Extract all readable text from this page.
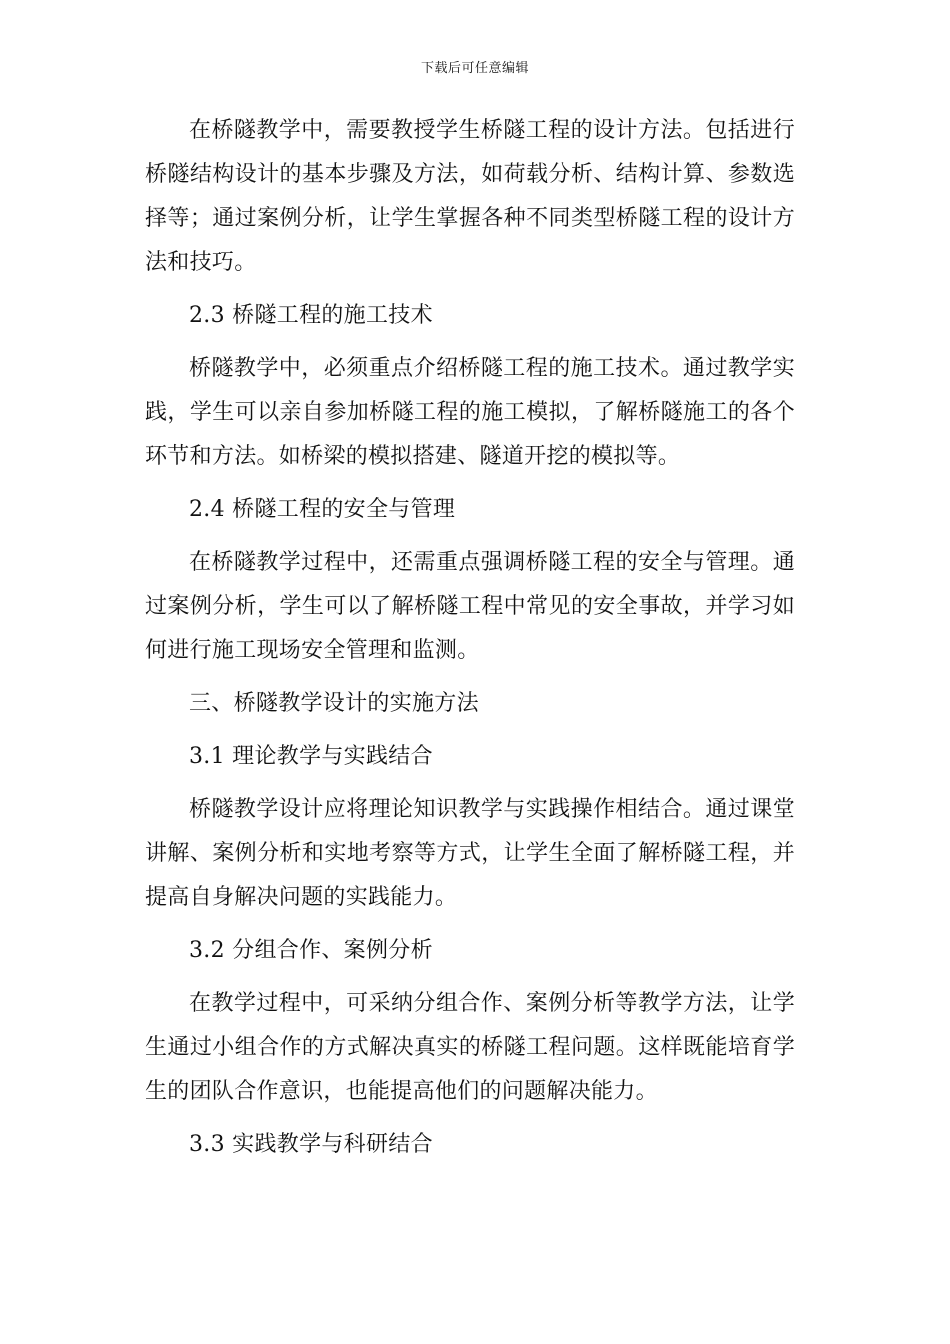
下载后可任意编辑

在桥隧教学中，需要教授学生桥隧工程的设计方法。包括进行桥隧结构设计的基本步骤及方法，如荷载分析、结构计算、参数选择等；通过案例分析，让学生掌握各种不同类型桥隧工程的设计方法和技巧。

2.3 桥隧工程的施工技术

桥隧教学中，必须重点介绍桥隧工程的施工技术。通过教学实践，学生可以亲自参加桥隧工程的施工模拟，了解桥隧施工的各个环节和方法。如桥梁的模拟搭建、隧道开挖的模拟等。

2.4 桥隧工程的安全与管理

在桥隧教学过程中，还需重点强调桥隧工程的安全与管理。通过案例分析，学生可以了解桥隧工程中常见的安全事故，并学习如何进行施工现场安全管理和监测。

三、桥隧教学设计的实施方法

3.1 理论教学与实践结合

桥隧教学设计应将理论知识教学与实践操作相结合。通过课堂讲解、案例分析和实地考察等方式，让学生全面了解桥隧工程，并提高自身解决问题的实践能力。

3.2 分组合作、案例分析

在教学过程中，可采纳分组合作、案例分析等教学方法，让学生通过小组合作的方式解决真实的桥隧工程问题。这样既能培育学生的团队合作意识，也能提高他们的问题解决能力。

3.3 实践教学与科研结合
